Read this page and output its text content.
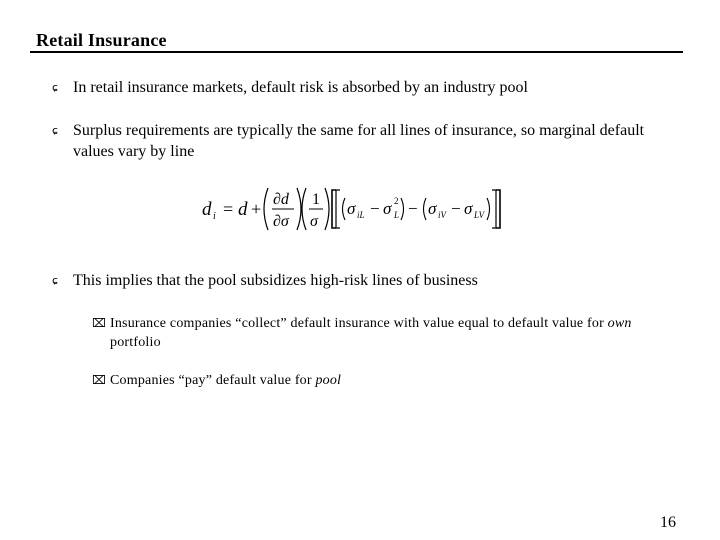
Retail Insurance
ɕ In retail insurance markets, default risk is absorbed by an industry pool
ɕ Surplus requirements are typically the same for all lines of insurance, so marginal default values vary by line
d i = d + ∂d
∂σ
1
σ
σ iL − σ 2
L − σ iV − σ LV
ɕ This implies that the pool subsidizes high-risk lines of business
⌧ Insurance companies “collect” default insurance with value equal to default value for own portfolio
⌧ Companies “pay” default value for pool
16
